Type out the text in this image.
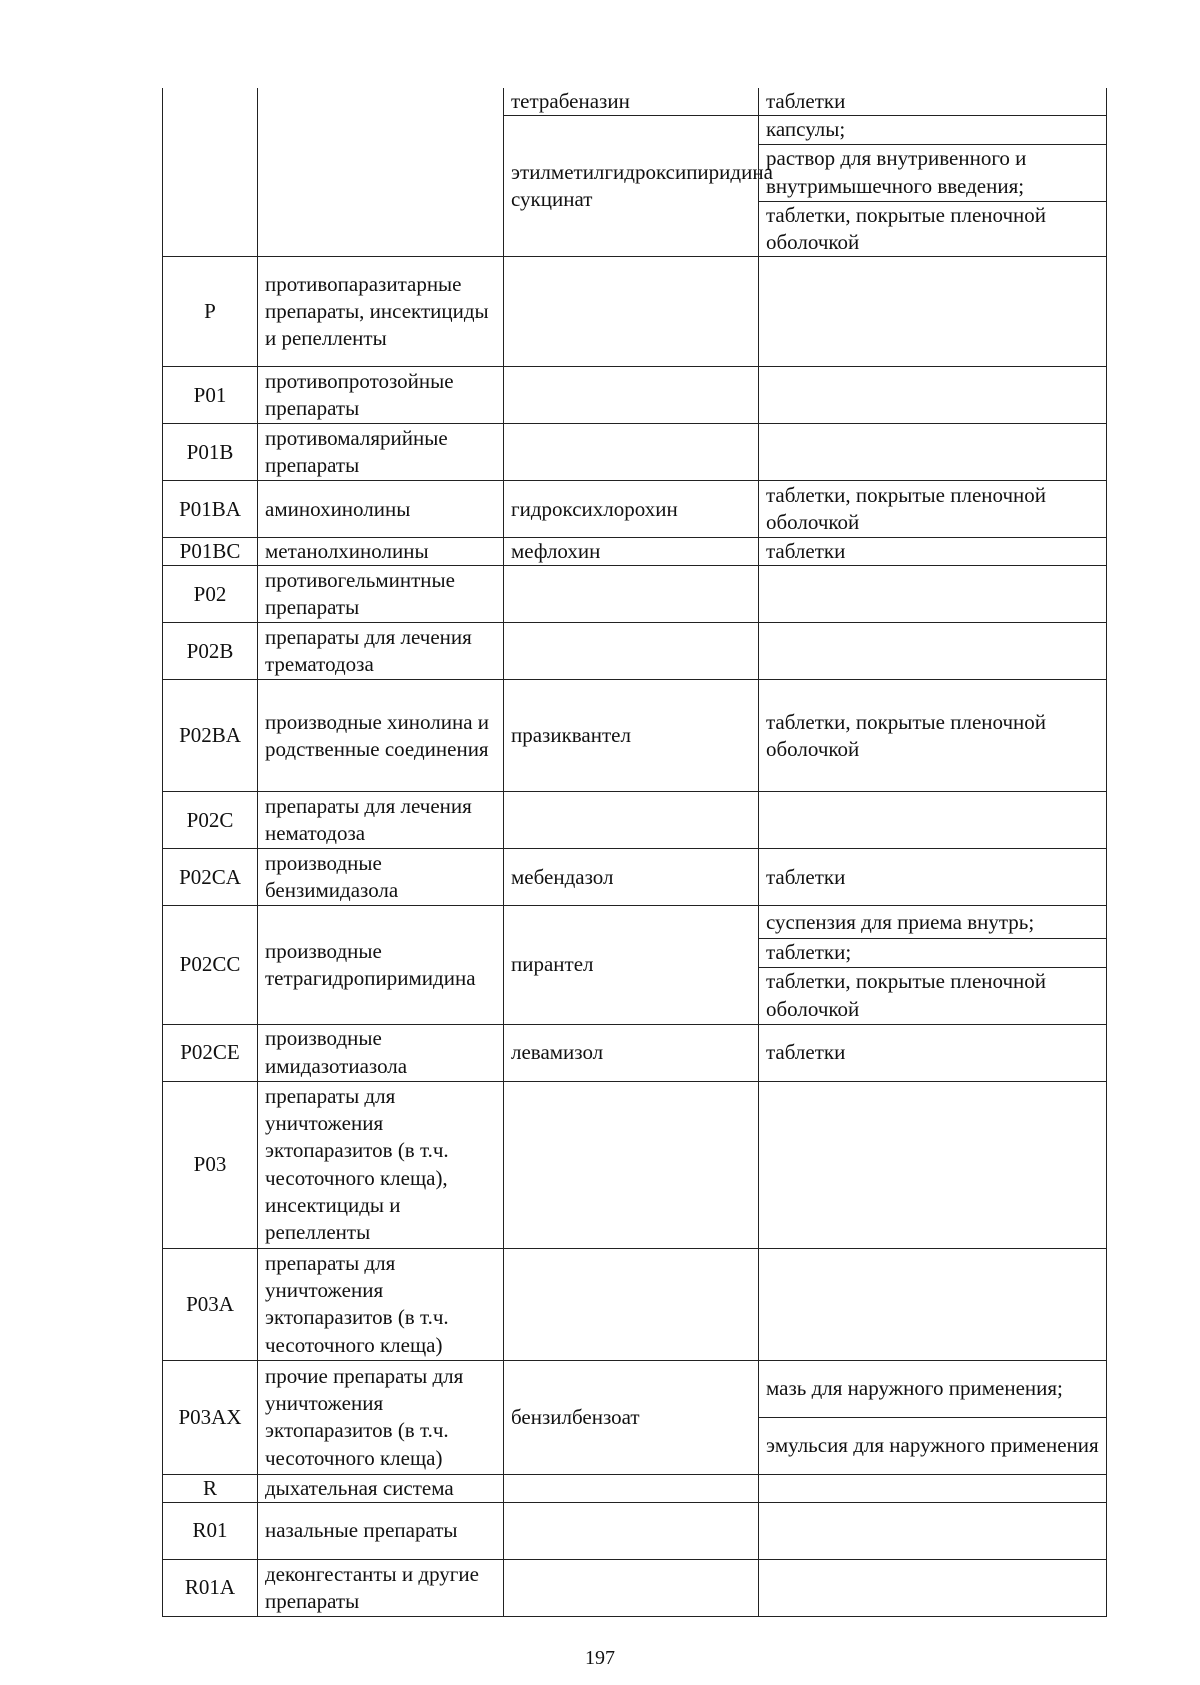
		тетрабеназин	таблетки
		этилметилгидроксипиридина сукцинат	капсулы;
			раствор для внутривенного и внутримышечного введения;
			таблетки, покрытые пленочной оболочкой
P	противопаразитарные препараты, инсектициды и репелленты		
P01	противопротозойные препараты		
P01B	противомалярийные препараты		
P01BA	аминохинолины	гидроксихлорохин	таблетки, покрытые пленочной оболочкой
P01BC	метанолхинолины	мефлохин	таблетки
P02	противогельминтные препараты		
P02B	препараты для лечения трематодоза		
P02BA	производные хинолина и родственные соединения	празиквантел	таблетки, покрытые пленочной оболочкой
P02C	препараты для лечения нематодоза		
P02CA	производные бензимидазола	мебендазол	таблетки
P02CC	производные тетрагидропиримидина	пирантел	суспензия для приема внутрь;
			таблетки;
			таблетки, покрытые пленочной оболочкой
P02CE	производные имидазотиазола	левамизол	таблетки
P03	препараты для уничтожения эктопаразитов (в т.ч. чесоточного клеща), инсектициды и репелленты		
P03A	препараты для уничтожения эктопаразитов (в т.ч. чесоточного клеща)		
P03AX	прочие препараты для уничтожения эктопаразитов (в т.ч. чесоточного клеща)	бензилбензоат	мазь для наружного применения;
			эмульсия для наружного применения
R	дыхательная система		
R01	назальные препараты		
R01A	деконгестанты и другие препараты		
197
